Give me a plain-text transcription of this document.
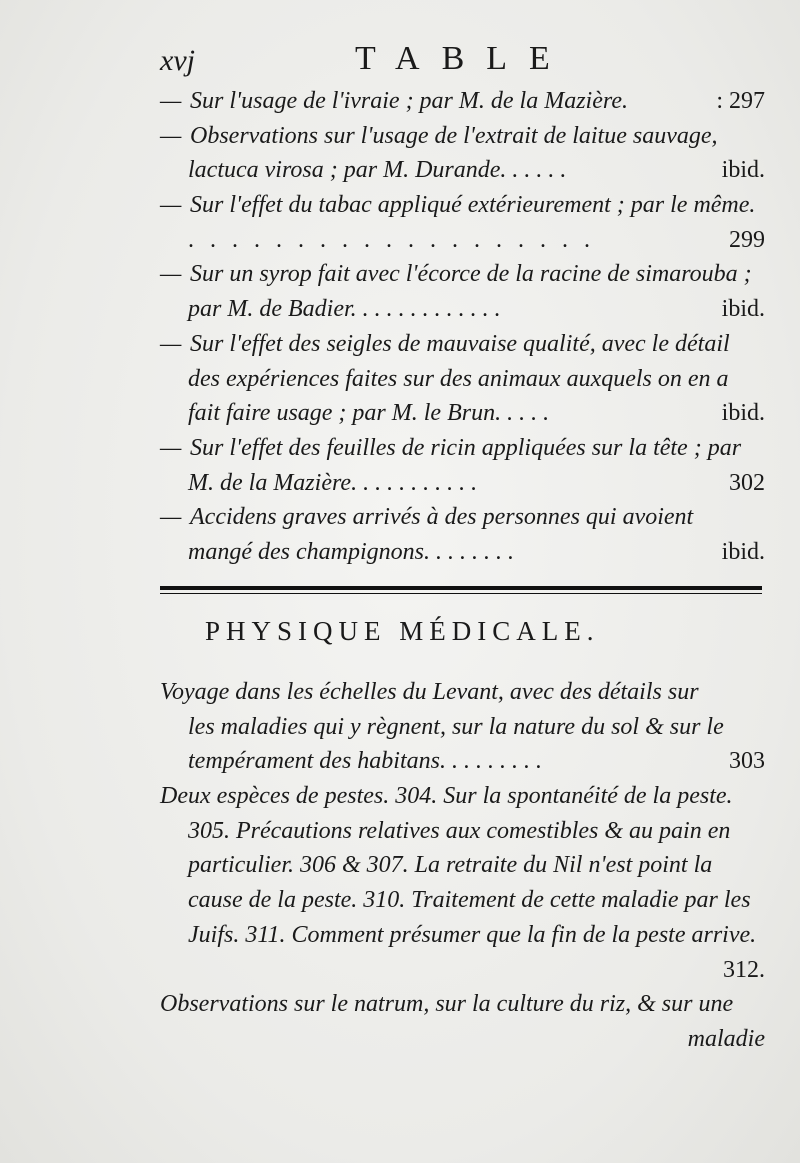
xvj	TABLE
— Sur l'usage de l'ivraie ; par M. de la Mazière.	: 297
— Observations sur l'usage de l'extrait de laitue sauvage,
lactuca virosa ; par M. Durande. . . . . .	ibid.
— Sur l'effet du tabac appliqué extérieurement ; par le même.
. . . . . . . . . . . . . . . . . . .	299
— Sur un syrop fait avec l'écorce de la racine de simarouba ;
par M. de Badier. . . . . . . . . . . . .	ibid.
— Sur l'effet des seigles de mauvaise qualité, avec le détail
des expériences faites sur des animaux auxquels on en a
fait faire usage ; par M. le Brun. . . . .	ibid.
— Sur l'effet des feuilles de ricin appliquées sur la tête ; par
M. de la Mazière. . . . . . . . . . .	302
— Accidens graves arrivés à des personnes qui avoient
mangé des champignons. . . . . . . .	ibid.
PHYSIQUE MÉDICALE.
Voyage dans les échelles du Levant, avec des détails sur
les maladies qui y règnent, sur la nature du sol & sur le
tempérament des habitans. . . . . . . . .	303
Deux espèces de pestes. 304. Sur la spontanéité de la peste.
305. Précautions relatives aux comestibles & au pain en
particulier. 306 & 307. La retraite du Nil n'est point la
cause de la peste. 310. Traitement de cette maladie par les
Juifs. 311. Comment présumer que la fin de la peste arrive.
312.
Observations sur le natrum, sur la culture du riz, & sur une
maladie
